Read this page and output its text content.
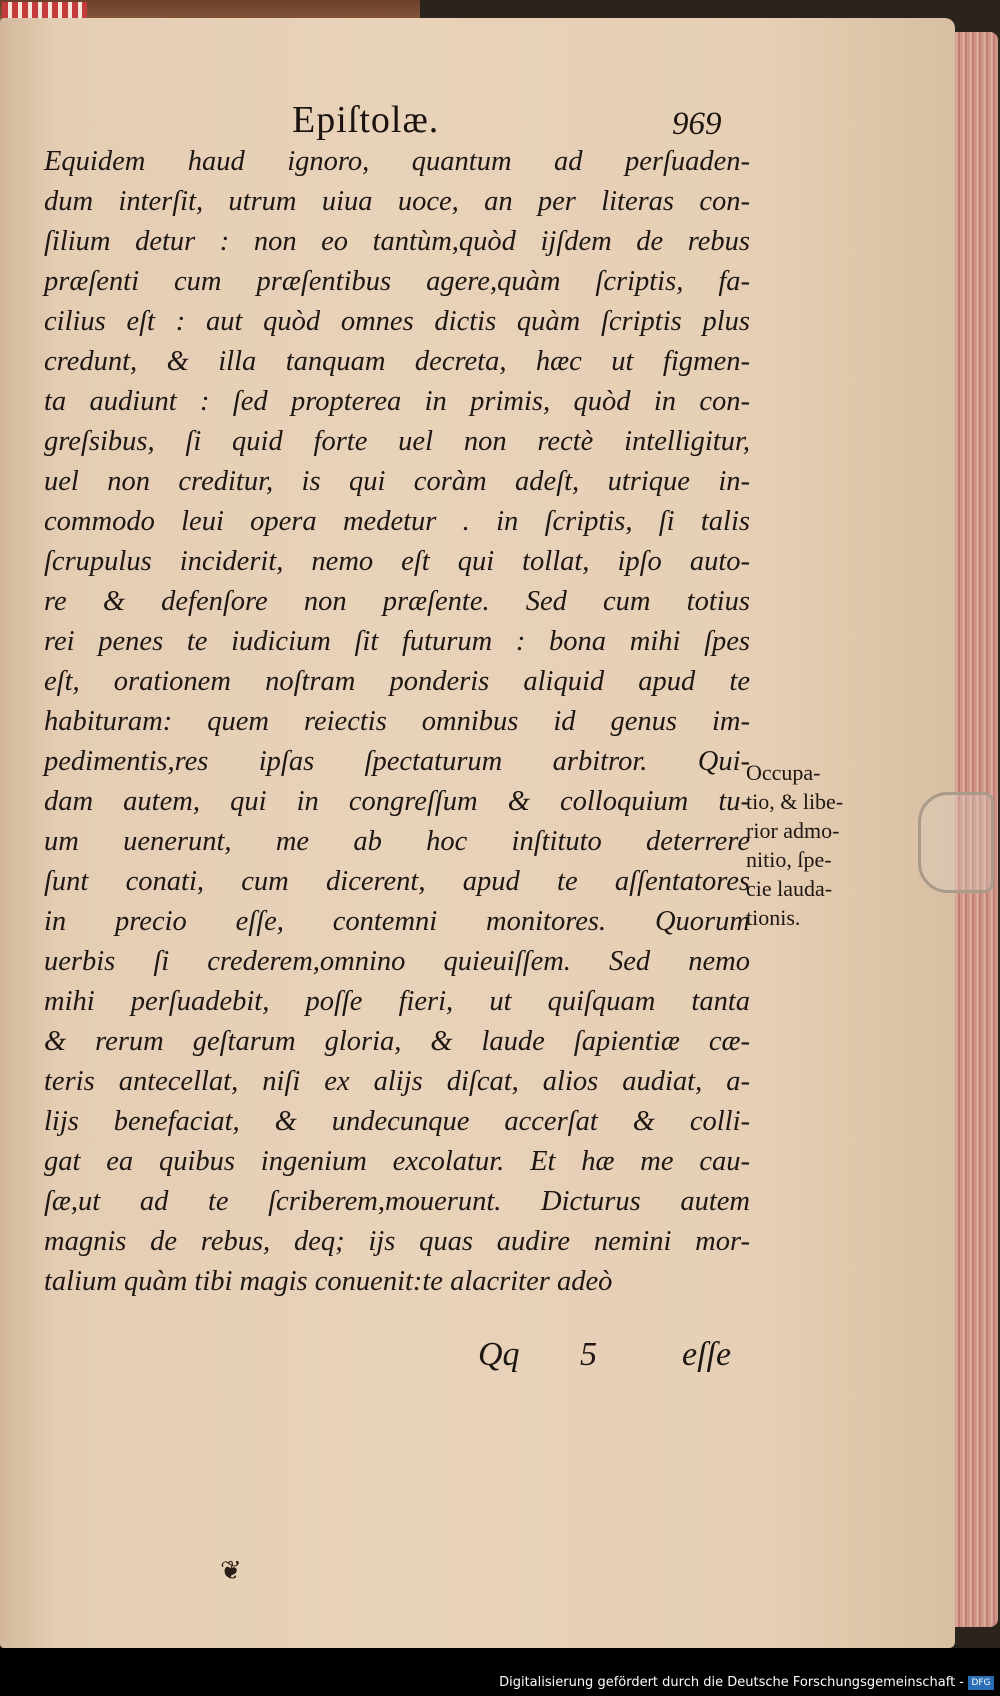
Epiſtolæ.	969
Equidem haud ignoro, quantum ad perſuaden-
dum interſit, utrum uiua uoce, an per literas con-
ſilium detur : non eo tantùm,quòd ijſdem de rebus
præſenti cum præſentibus agere,quàm ſcriptis, fa-
cilius eſt : aut quòd omnes dictis quàm ſcriptis plus
credunt, & illa tanquam decreta, hæc ut figmen-
ta audiunt : ſed propterea in primis, quòd in con-
greſsibus, ſi quid forte uel non rectè intelligitur,
uel non creditur, is qui coràm adeſt, utrique in-
commodo leui opera medetur . in ſcriptis, ſi talis
ſcrupulus inciderit, nemo eſt qui tollat, ipſo auto-
re & defenſore non præſente. Sed cum totius
rei penes te iudicium ſit futurum : bona mihi ſpes
eſt, orationem noſtram ponderis aliquid apud te
habituram: quem reiectis omnibus id genus im-
pedimentis,res ipſas ſpectaturum arbitror. Qui-
dam autem, qui in congreſſum & colloquium tu-
um uenerunt, me ab hoc inſtituto deterrere
ſunt conati, cum dicerent, apud te aſſentatores
in precio eſſe, contemni monitores. Quorum
uerbis ſi crederem,omnino quieuiſſem. Sed nemo
mihi perſuadebit, poſſe fieri, ut quiſquam tanta
& rerum geſtarum gloria, & laude ſapientiæ cæ-
teris antecellat, niſi ex alijs diſcat, alios audiat, a-
lijs benefaciat, & undecunque accerſat & colli-
gat ea quibus ingenium excolatur. Et hæ me cau-
ſæ,ut ad te ſcriberem,mouerunt. Dicturus autem
magnis de rebus, deq; ijs quas audire nemini mor-
talium quàm tibi magis conuenit:te alacriter adeò
Occupa-
tio, & libe-
rior admo-
nitio, ſpe-
cie lauda-
tionis.
Qq 5	eſſe
❦
Digitalisierung gefördert durch die Deutsche Forschungsgemeinschaft - DFG
